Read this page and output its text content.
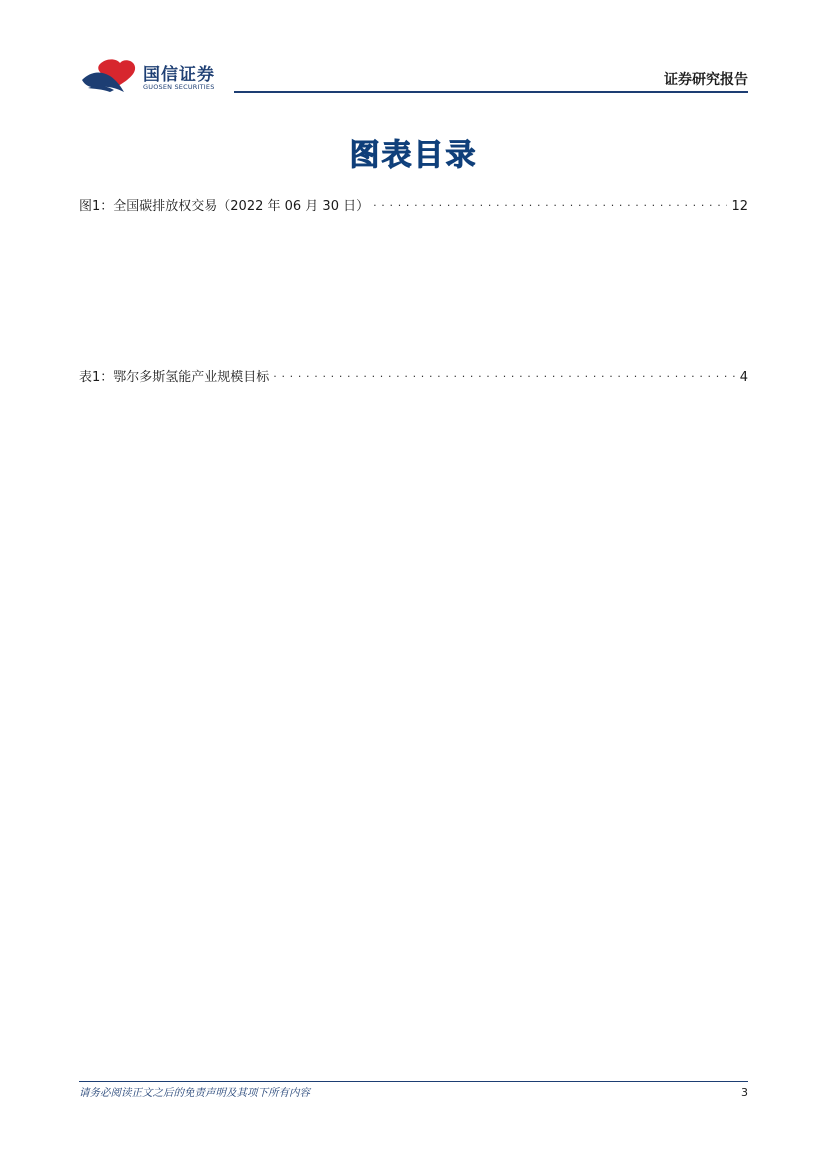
国信证券
GUOSEN SECURITIES	证券研究报告
图表目录
图1：全国碳排放权交易（2022 年 06 月 30 日） . . .	12
表1：鄂尔多斯氢能产业规模目标 . . .	4
请务必阅读正文之后的免责声明及其项下所有内容	3
